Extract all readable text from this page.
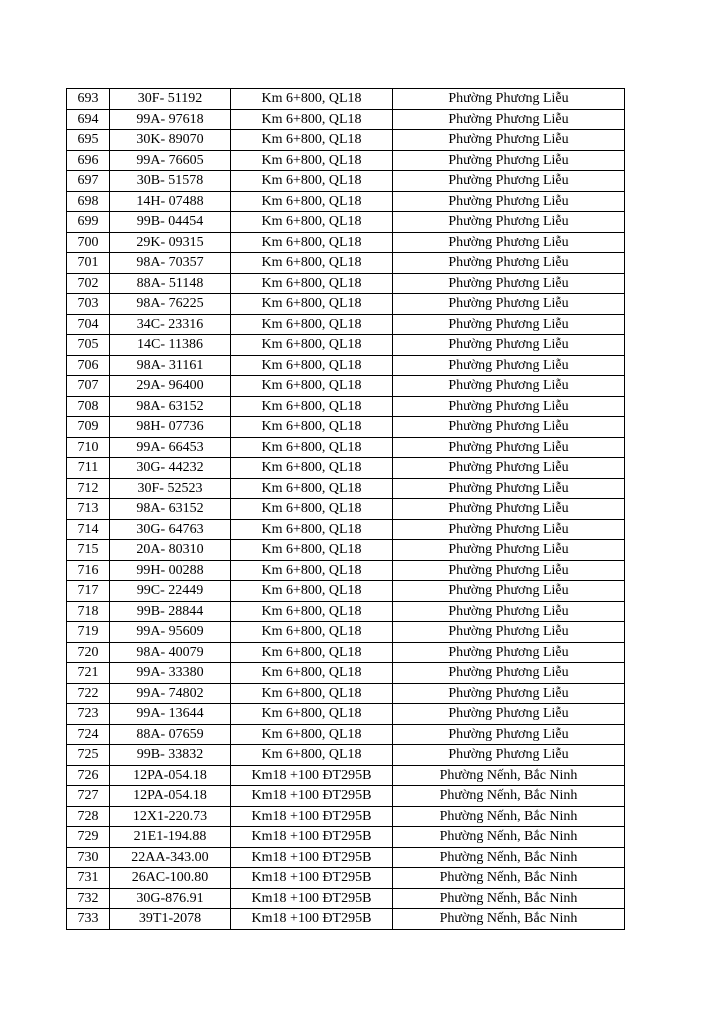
693	30F- 51192	Km 6+800, QL18	Phường Phương Liễu
694	99A- 97618	Km 6+800, QL18	Phường Phương Liễu
695	30K- 89070	Km 6+800, QL18	Phường Phương Liễu
696	99A- 76605	Km 6+800, QL18	Phường Phương Liễu
697	30B- 51578	Km 6+800, QL18	Phường Phương Liễu
698	14H- 07488	Km 6+800, QL18	Phường Phương Liễu
699	99B- 04454	Km 6+800, QL18	Phường Phương Liễu
700	29K- 09315	Km 6+800, QL18	Phường Phương Liễu
701	98A- 70357	Km 6+800, QL18	Phường Phương Liễu
702	88A- 51148	Km 6+800, QL18	Phường Phương Liễu
703	98A- 76225	Km 6+800, QL18	Phường Phương Liễu
704	34C- 23316	Km 6+800, QL18	Phường Phương Liễu
705	14C- 11386	Km 6+800, QL18	Phường Phương Liễu
706	98A- 31161	Km 6+800, QL18	Phường Phương Liễu
707	29A- 96400	Km 6+800, QL18	Phường Phương Liễu
708	98A- 63152	Km 6+800, QL18	Phường Phương Liễu
709	98H- 07736	Km 6+800, QL18	Phường Phương Liễu
710	99A- 66453	Km 6+800, QL18	Phường Phương Liễu
711	30G- 44232	Km 6+800, QL18	Phường Phương Liễu
712	30F- 52523	Km 6+800, QL18	Phường Phương Liễu
713	98A- 63152	Km 6+800, QL18	Phường Phương Liễu
714	30G- 64763	Km 6+800, QL18	Phường Phương Liễu
715	20A- 80310	Km 6+800, QL18	Phường Phương Liễu
716	99H- 00288	Km 6+800, QL18	Phường Phương Liễu
717	99C- 22449	Km 6+800, QL18	Phường Phương Liễu
718	99B- 28844	Km 6+800, QL18	Phường Phương Liễu
719	99A- 95609	Km 6+800, QL18	Phường Phương Liễu
720	98A- 40079	Km 6+800, QL18	Phường Phương Liễu
721	99A- 33380	Km 6+800, QL18	Phường Phương Liễu
722	99A- 74802	Km 6+800, QL18	Phường Phương Liễu
723	99A- 13644	Km 6+800, QL18	Phường Phương Liễu
724	88A- 07659	Km 6+800, QL18	Phường Phương Liễu
725	99B- 33832	Km 6+800, QL18	Phường Phương Liễu
726	12PA-054.18	Km18 +100 ĐT295B	Phường Nếnh, Bắc Ninh
727	12PA-054.18	Km18 +100 ĐT295B	Phường Nếnh, Bắc Ninh
728	12X1-220.73	Km18 +100 ĐT295B	Phường Nếnh, Bắc Ninh
729	21E1-194.88	Km18 +100 ĐT295B	Phường Nếnh, Bắc Ninh
730	22AA-343.00	Km18 +100 ĐT295B	Phường Nếnh, Bắc Ninh
731	26AC-100.80	Km18 +100 ĐT295B	Phường Nếnh, Bắc Ninh
732	30G-876.91	Km18 +100 ĐT295B	Phường Nếnh, Bắc Ninh
733	39T1-2078	Km18 +100 ĐT295B	Phường Nếnh, Bắc Ninh
